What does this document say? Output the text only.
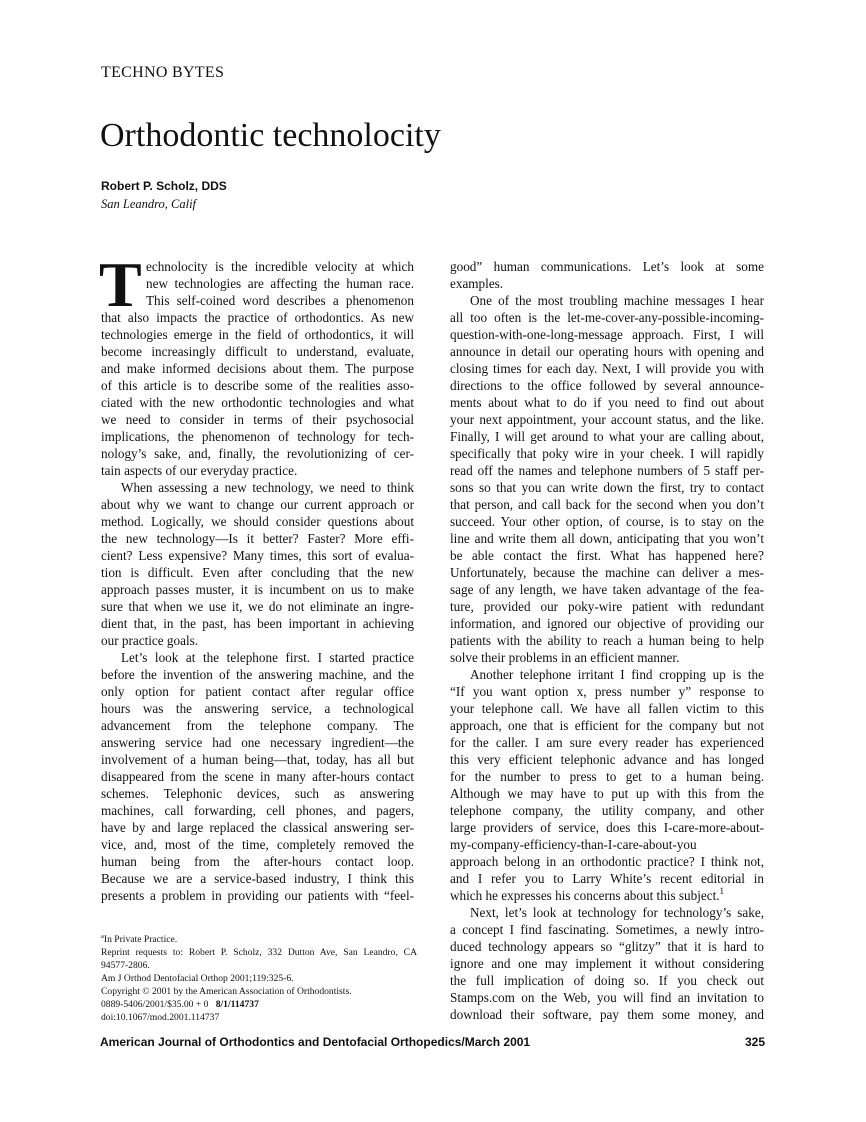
TECHNO BYTES
Orthodontic technolocity
Robert P. Scholz, DDS
San Leandro, Calif
T echnolocity is the incredible velocity at which
new technologies are affecting the human race.
This self-coined word describes a phenomenon
that also impacts the practice of orthodontics. As new
technologies emerge in the field of orthodontics, it will
become increasingly difficult to understand, evaluate,
and make informed decisions about them. The purpose
of this article is to describe some of the realities asso-
ciated with the new orthodontic technologies and what
we need to consider in terms of their psychosocial
implications, the phenomenon of technology for tech-
nology’s sake, and, finally, the revolutionizing of cer-
tain aspects of our everyday practice.
When assessing a new technology, we need to think
about why we want to change our current approach or
method. Logically, we should consider questions about
the new technology—Is it better? Faster? More effi-
cient? Less expensive? Many times, this sort of evalua-
tion is difficult. Even after concluding that the new
approach passes muster, it is incumbent on us to make
sure that when we use it, we do not eliminate an ingre-
dient that, in the past, has been important in achieving
our practice goals.
Let’s look at the telephone first. I started practice
before the invention of the answering machine, and the
only option for patient contact after regular office
hours was the answering service, a technological
advancement from the telephone company. The
answering service had one necessary ingredient—the
involvement of a human being—that, today, has all but
disappeared from the scene in many after-hours contact
schemes. Telephonic devices, such as answering
machines, call forwarding, cell phones, and pagers,
have by and large replaced the classical answering ser-
vice, and, most of the time, completely removed the
human being from the after-hours contact loop.
Because we are a service-based industry, I think this
presents a problem in providing our patients with “feel-
good” human communications. Let’s look at some
examples.
One of the most troubling machine messages I hear
all too often is the let-me-cover-any-possible-incoming-
question-with-one-long-message approach. First, I will
announce in detail our operating hours with opening and
closing times for each day. Next, I will provide you with
directions to the office followed by several announce-
ments about what to do if you need to find out about
your next appointment, your account status, and the like.
Finally, I will get around to what your are calling about,
specifically that poky wire in your cheek. I will rapidly
read off the names and telephone numbers of 5 staff per-
sons so that you can write down the first, try to contact
that person, and call back for the second when you don’t
succeed. Your other option, of course, is to stay on the
line and write them all down, anticipating that you won’t
be able contact the first. What has happened here?
Unfortunately, because the machine can deliver a mes-
sage of any length, we have taken advantage of the fea-
ture, provided our poky-wire patient with redundant
information, and ignored our objective of providing our
patients with the ability to reach a human being to help
solve their problems in an efficient manner.
Another telephone irritant I find cropping up is the
“If you want option x, press number y” response to
your telephone call. We have all fallen victim to this
approach, one that is efficient for the company but not
for the caller. I am sure every reader has experienced
this very efficient telephonic advance and has longed
for the number to press to get to a human being.
Although we may have to put up with this from the
telephone company, the utility company, and other
large providers of service, does this I-care-more-about-
my-company-efficiency-than-I-care-about-you
approach belong in an orthodontic practice? I think not,
and I refer you to Larry White’s recent editorial in
which he expresses his concerns about this subject.$^1$
Next, let’s look at technology for technology’s sake,
a concept I find fascinating. Sometimes, a newly intro-
duced technology appears so “glitzy” that it is hard to
ignore and one may implement it without considering
the full implication of doing so. If you check out
Stamps.com on the Web, you will find an invitation to
download their software, pay them some money, and
$^a$In Private Practice.
Reprint requests to: Robert P. Scholz, 332 Dutton Ave, San Leandro, CA
94577-2806.
Am J Orthod Dentofacial Orthop 2001;119:325-6.
Copyright © 2001 by the American Association of Orthodontists.
0889-5406/2001/$35.00 + 0 8/1/114737
doi:10.1067/mod.2001.114737
American Journal of Orthodontics and Dentofacial Orthopedics/March 2001	325
